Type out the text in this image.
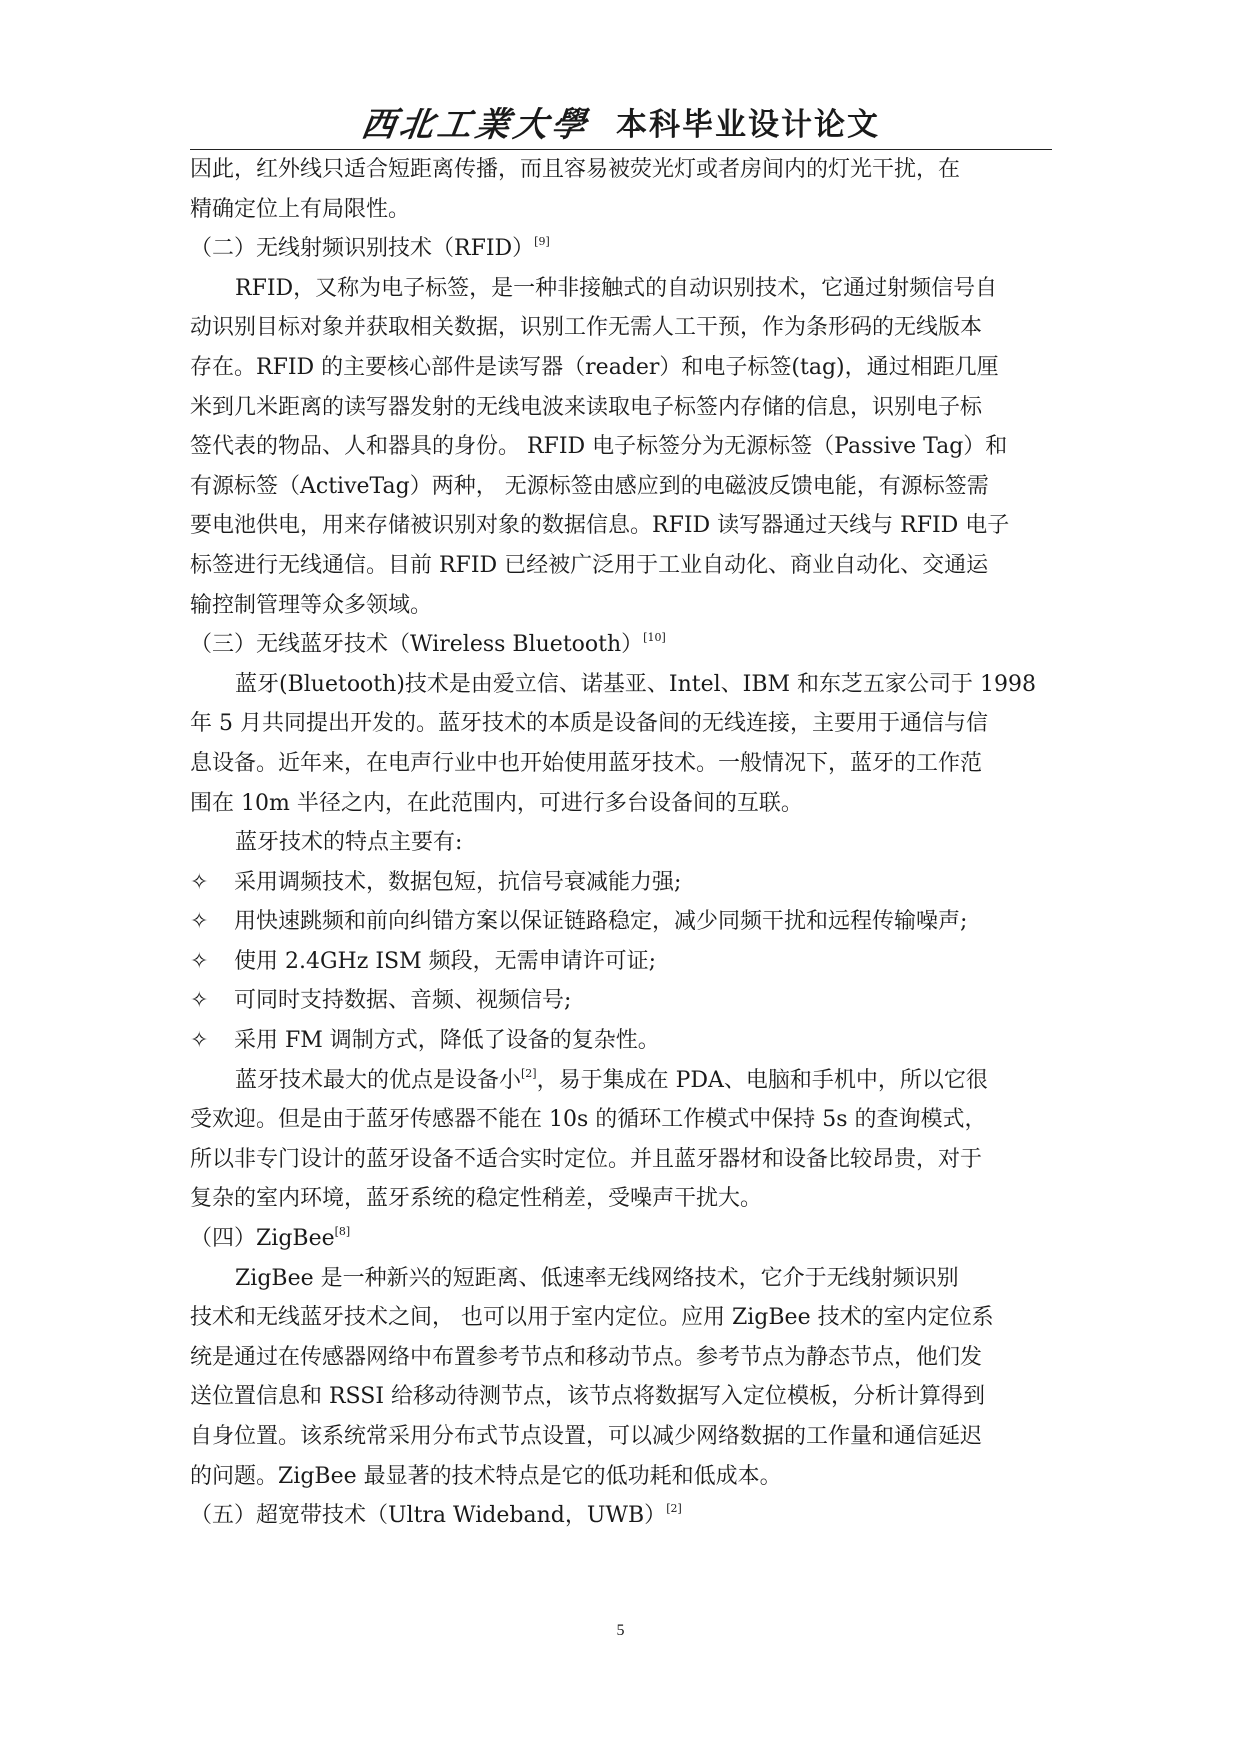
西北工業大學 本科毕业设计论文
因此，红外线只适合短距离传播，而且容易被荧光灯或者房间内的灯光干扰，在
精确定位上有局限性。
（二）无线射频识别技术（RFID）[9]
RFID，又称为电子标签，是一种非接触式的自动识别技术，它通过射频信号自
动识别目标对象并获取相关数据，识别工作无需人工干预，作为条形码的无线版本
存在。RFID 的主要核心部件是读写器（reader）和电子标签(tag)，通过相距几厘
米到几米距离的读写器发射的无线电波来读取电子标签内存储的信息，识别电子标
签代表的物品、人和器具的身份。 RFID 电子标签分为无源标签（Passive Tag）和
有源标签（ActiveTag）两种， 无源标签由感应到的电磁波反馈电能，有源标签需
要电池供电，用来存储被识别对象的数据信息。RFID 读写器通过天线与 RFID 电子
标签进行无线通信。目前 RFID 已经被广泛用于工业自动化、商业自动化、交通运
输控制管理等众多领域。
（三）无线蓝牙技术（Wireless Bluetooth）[10]
蓝牙(Bluetooth)技术是由爱立信、诺基亚、Intel、IBM 和东芝五家公司于 1998
年 5 月共同提出开发的。蓝牙技术的本质是设备间的无线连接，主要用于通信与信
息设备。近年来，在电声行业中也开始使用蓝牙技术。一般情况下，蓝牙的工作范
围在 10m 半径之内，在此范围内，可进行多台设备间的互联。
蓝牙技术的特点主要有:
✧ 采用调频技术，数据包短，抗信号衰减能力强;
✧ 用快速跳频和前向纠错方案以保证链路稳定，减少同频干扰和远程传输噪声;
✧ 使用 2.4GHz ISM 频段，无需申请许可证;
✧ 可同时支持数据、音频、视频信号;
✧ 采用 FM 调制方式，降低了设备的复杂性。
蓝牙技术最大的优点是设备小[2]，易于集成在 PDA、电脑和手机中，所以它很
受欢迎。但是由于蓝牙传感器不能在 10s 的循环工作模式中保持 5s 的查询模式，
所以非专门设计的蓝牙设备不适合实时定位。并且蓝牙器材和设备比较昂贵，对于
复杂的室内环境，蓝牙系统的稳定性稍差，受噪声干扰大。
（四）ZigBee[8]
ZigBee 是一种新兴的短距离、低速率无线网络技术，它介于无线射频识别
技术和无线蓝牙技术之间， 也可以用于室内定位。应用 ZigBee 技术的室内定位系
统是通过在传感器网络中布置参考节点和移动节点。参考节点为静态节点，他们发
送位置信息和 RSSI 给移动待测节点，该节点将数据写入定位模板，分析计算得到
自身位置。该系统常采用分布式节点设置，可以减少网络数据的工作量和通信延迟
的问题。ZigBee 最显著的技术特点是它的低功耗和低成本。
（五）超宽带技术（Ultra Wideband，UWB）[2]
5
